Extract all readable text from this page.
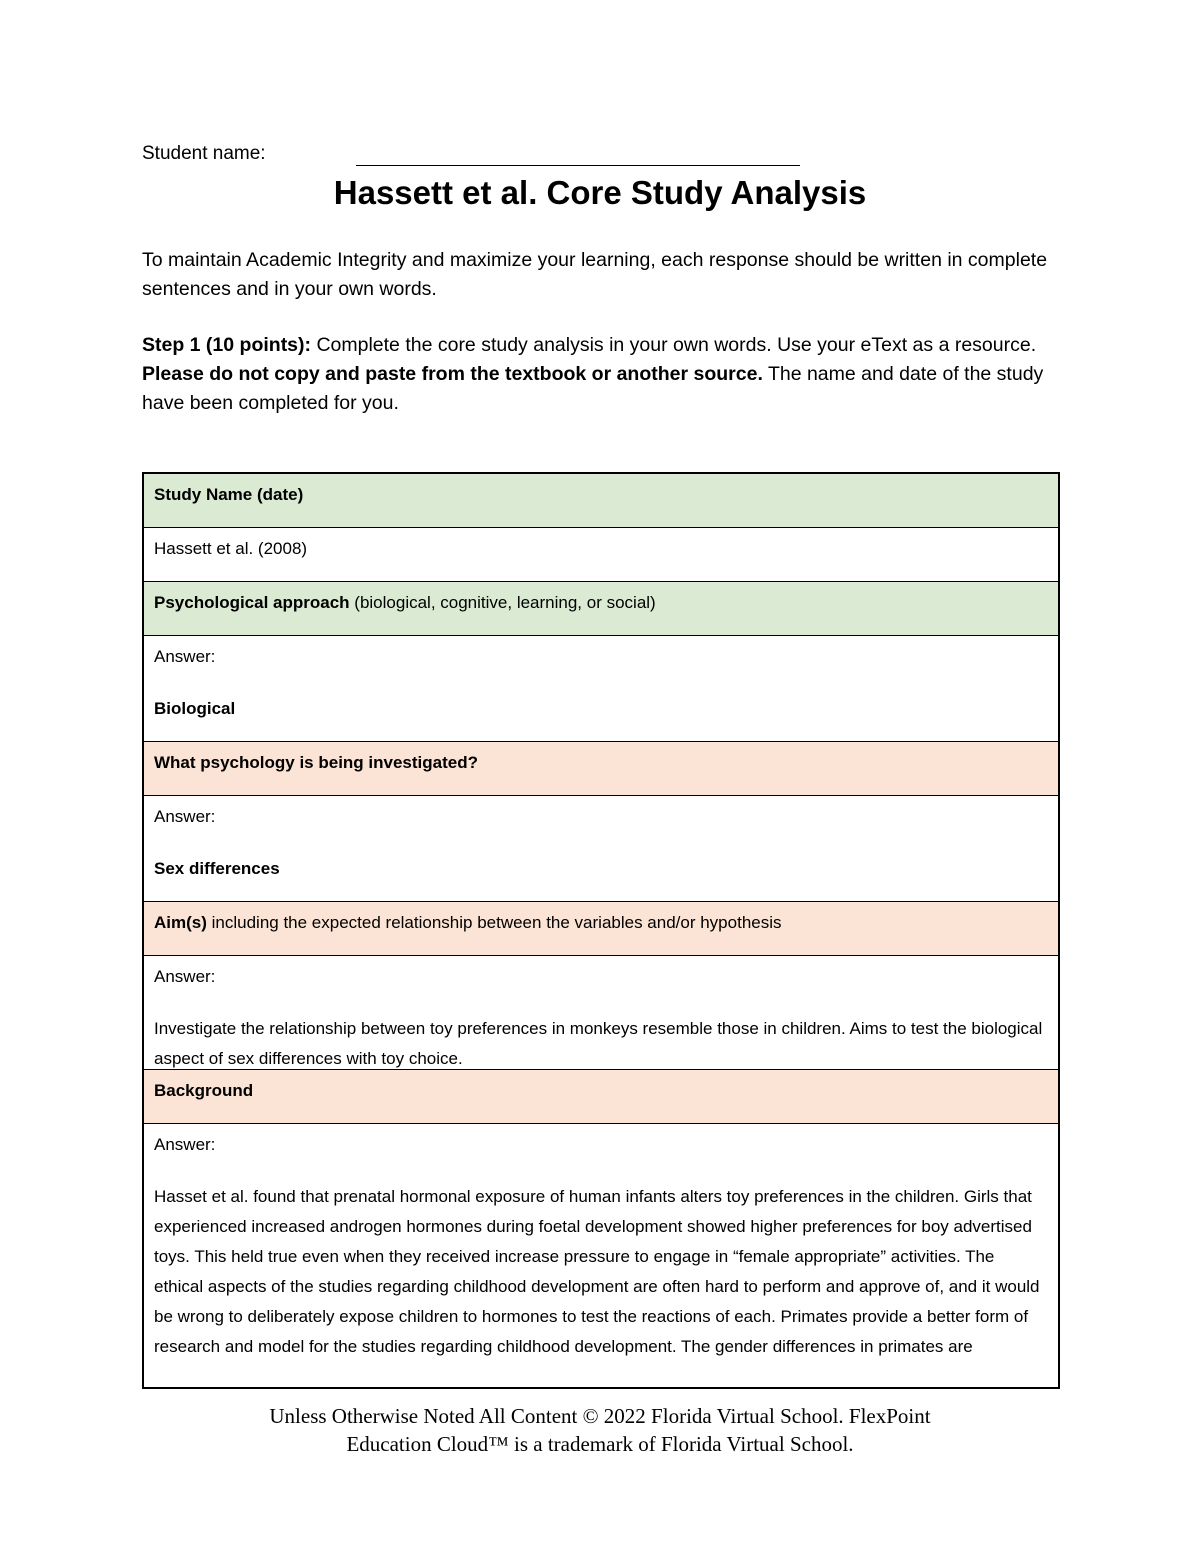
Student name:
Hassett et al. Core Study Analysis

To maintain Academic Integrity and maximize your learning, each response should be written in complete sentences and in your own words.

Step 1 (10 points): Complete the core study analysis in your own words. Use your eText as a resource. Please do not copy and paste from the textbook or another source. The name and date of the study have been completed for you.

Study Name (date)
Hassett et al. (2008)
Psychological approach (biological, cognitive, learning, or social)

Answer:

Biological

What psychology is being investigated?

Answer:

Sex differences

Aim(s) including the expected relationship between the variables and/or hypothesis

Answer:

Investigate the relationship between toy preferences in monkeys resemble those in children. Aims to test the biological aspect of sex differences with toy choice.

Background

Answer:

Hasset et al. found that prenatal hormonal exposure of human infants alters toy preferences in the children. Girls that experienced increased androgen hormones during foetal development showed higher preferences for boy advertised toys. This held true even when they received increase pressure to engage in “female appropriate” activities. The ethical aspects of the studies regarding childhood development are often hard to perform and approve of, and it would be wrong to deliberately expose children to hormones to test the reactions of each. Primates provide a better form of research and model for the studies regarding childhood development. The gender differences in primates are

Unless Otherwise Noted All Content © 2022 Florida Virtual School. FlexPoint
Education Cloud™ is a trademark of Florida Virtual School.
